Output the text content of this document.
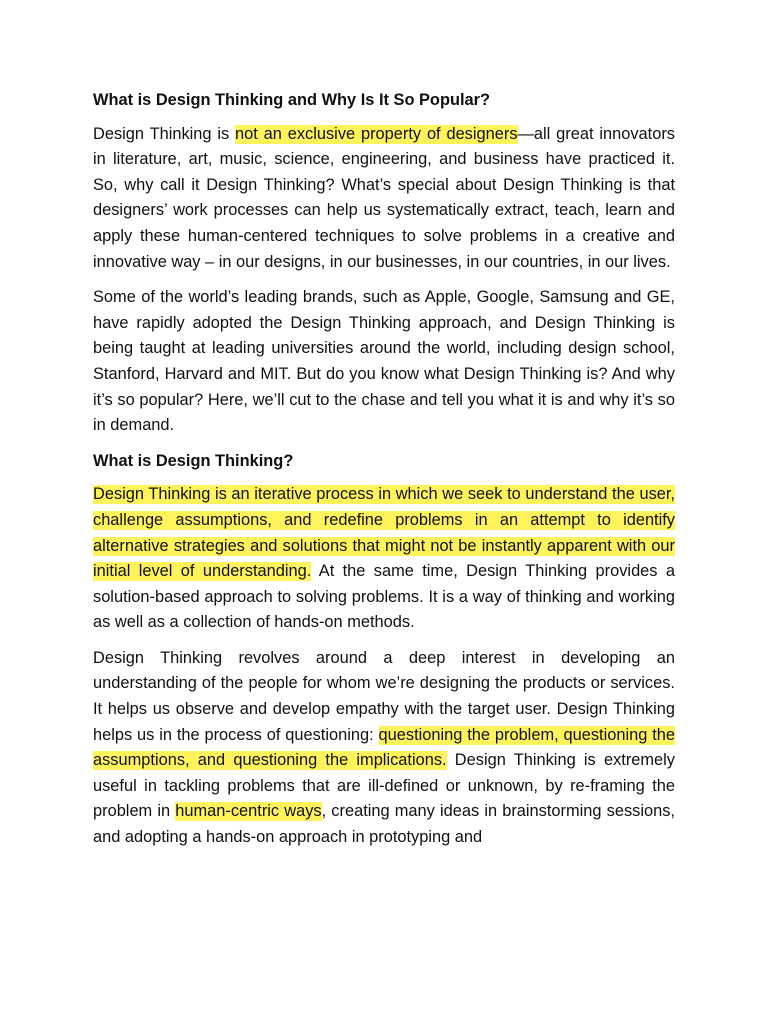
What is Design Thinking and Why Is It So Popular?

Design Thinking is not an exclusive property of designers—all great innovators in literature, art, music, science, engineering, and business have practiced it. So, why call it Design Thinking? What’s special about Design Thinking is that designers’ work processes can help us systematically extract, teach, learn and apply these human-centered techniques to solve problems in a creative and innovative way – in our designs, in our businesses, in our countries, in our lives.

Some of the world’s leading brands, such as Apple, Google, Samsung and GE, have rapidly adopted the Design Thinking approach, and Design Thinking is being taught at leading universities around the world, including design school, Stanford, Harvard and MIT. But do you know what Design Thinking is? And why it’s so popular? Here, we’ll cut to the chase and tell you what it is and why it’s so in demand.

What is Design Thinking?

Design Thinking is an iterative process in which we seek to understand the user, challenge assumptions, and redefine problems in an attempt to identify alternative strategies and solutions that might not be instantly apparent with our initial level of understanding. At the same time, Design Thinking provides a solution-based approach to solving problems. It is a way of thinking and working as well as a collection of hands-on methods.

Design Thinking revolves around a deep interest in developing an understanding of the people for whom we’re designing the products or services. It helps us observe and develop empathy with the target user. Design Thinking helps us in the process of questioning: questioning the problem, questioning the assumptions, and questioning the implications. Design Thinking is extremely useful in tackling problems that are ill-defined or unknown, by re-framing the problem in human-centric ways, creating many ideas in brainstorming sessions, and adopting a hands-on approach in prototyping and
